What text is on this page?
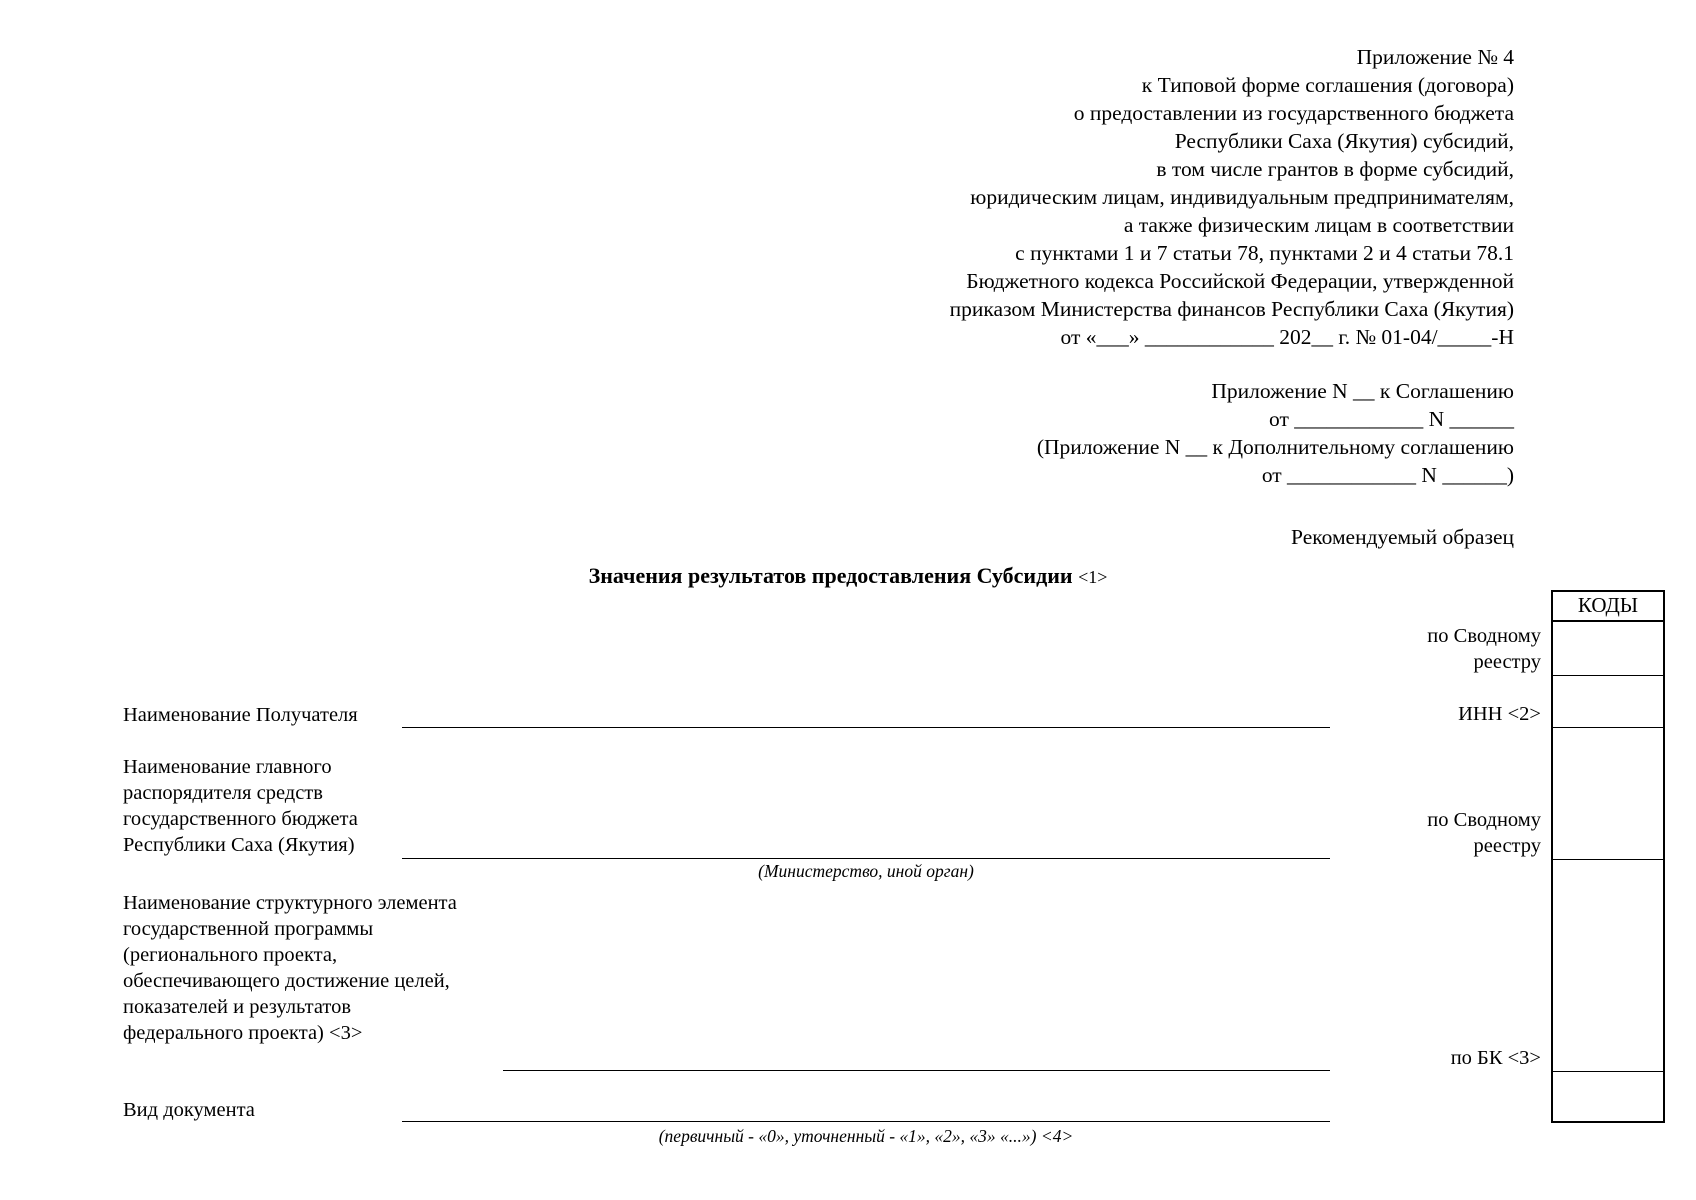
Приложение № 4
к Типовой форме соглашения (договора)
о предоставлении из государственного бюджета
Республики Саха (Якутия) субсидий,
в том числе грантов в форме субсидий,
юридическим лицам, индивидуальным предпринимателям,
а также физическим лицам в соответствии
с пунктами 1 и 7 статьи 78, пунктами 2 и 4 статьи 78.1
Бюджетного кодекса Российской Федерации, утвержденной
приказом Министерства финансов Республики Саха (Якутия)
от «___» ____________ 202__ г. № 01-04/_____-Н
Приложение N __ к Соглашению
от ____________ N ______
(Приложение N __ к Дополнительному соглашению
от ____________ N ______)
Рекомендуемый образец
Значения результатов предоставления Субсидии <1>
КОДЫ
по Сводному
реестру
ИНН <2>
по Сводному
реестру
по БК <3>
Наименование Получателя
Наименование главного
распорядителя средств
государственного бюджета
Республики Саха (Якутия)
(Министерство, иной орган)
Наименование структурного элемента
государственной программы
(регионального проекта,
обеспечивающего достижение целей,
показателей и результатов
федерального проекта) <3>
Вид документа
(первичный - «0», уточненный - «1», «2», «3» «...») <4>
